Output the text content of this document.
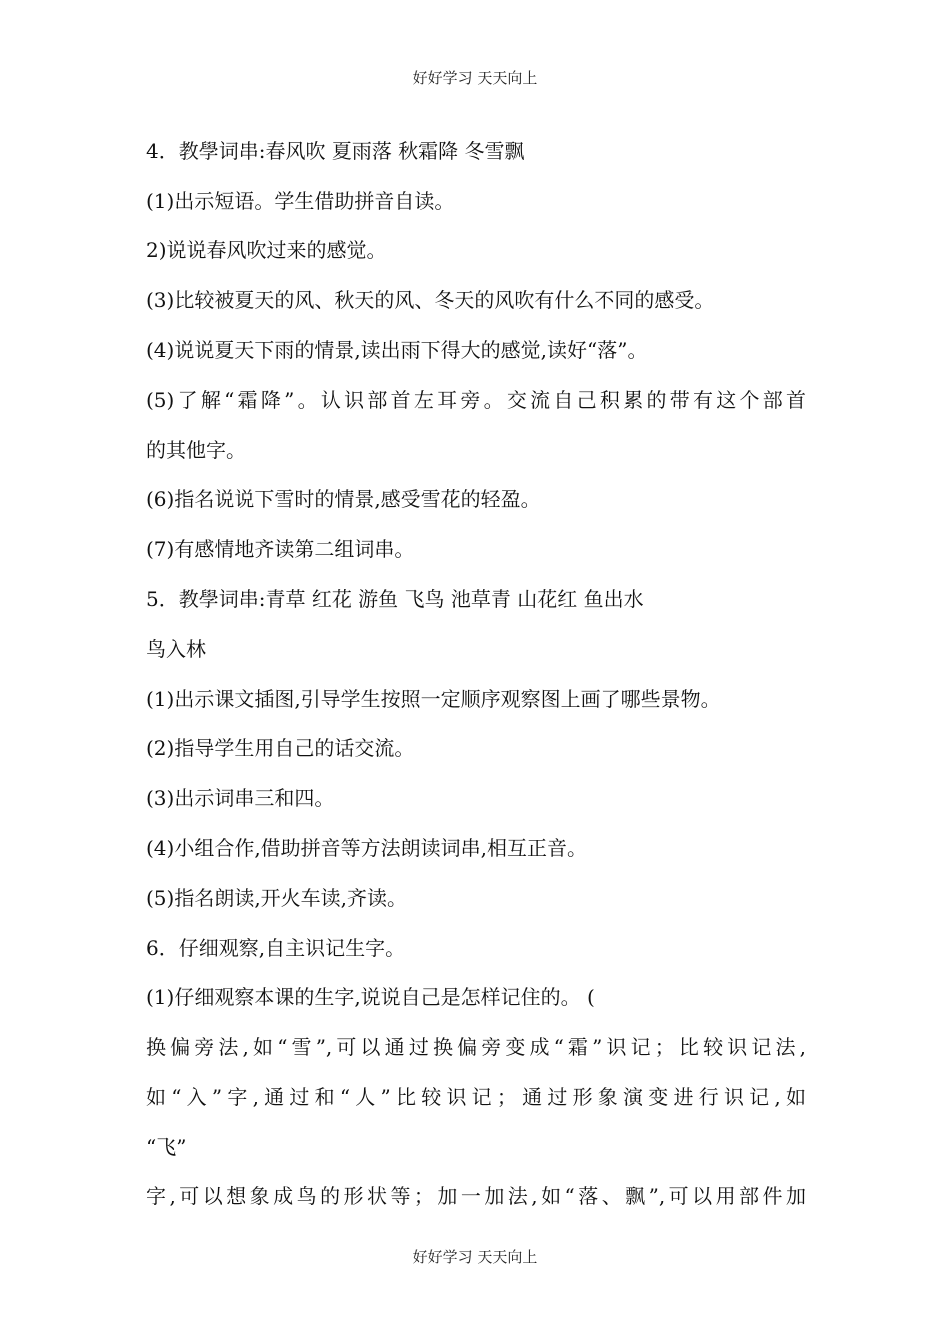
好好学习 天天向上
4．教學词串:春风吹 夏雨落 秋霜降 冬雪飘
(1)出示短语。学生借助拼音自读。
2)说说春风吹过来的感觉。
(3)比较被夏天的风、秋天的风、冬天的风吹有什么不同的感受。
(4)说说夏天下雨的情景,读出雨下得大的感觉,读好“落”。
(5)了解“霜降”。认识部首左耳旁。交流自己积累的带有这个部首
的其他字。
(6)指名说说下雪时的情景,感受雪花的轻盈。
(7)有感情地齐读第二组词串。
5．教學词串:青草 红花 游鱼 飞鸟 池草青 山花红 鱼出水
鸟入林
(1)出示课文插图,引导学生按照一定顺序观察图上画了哪些景物。
(2)指导学生用自己的话交流。
(3)出示词串三和四。
(4)小组合作,借助拼音等方法朗读词串,相互正音。
(5)指名朗读,开火车读,齐读。
6．仔细观察,自主识记生字。
(1)仔细观察本课的生字,说说自己是怎样记住的。 (
换偏旁法,如“雪”,可以通过换偏旁变成“霜”识记；比较识记法,
如“入”字,通过和“人”比较识记；通过形象演变进行识记,如
“飞”
字,可以想象成鸟的形状等；加一加法,如“落、飘”,可以用部件加
好好学习 天天向上
